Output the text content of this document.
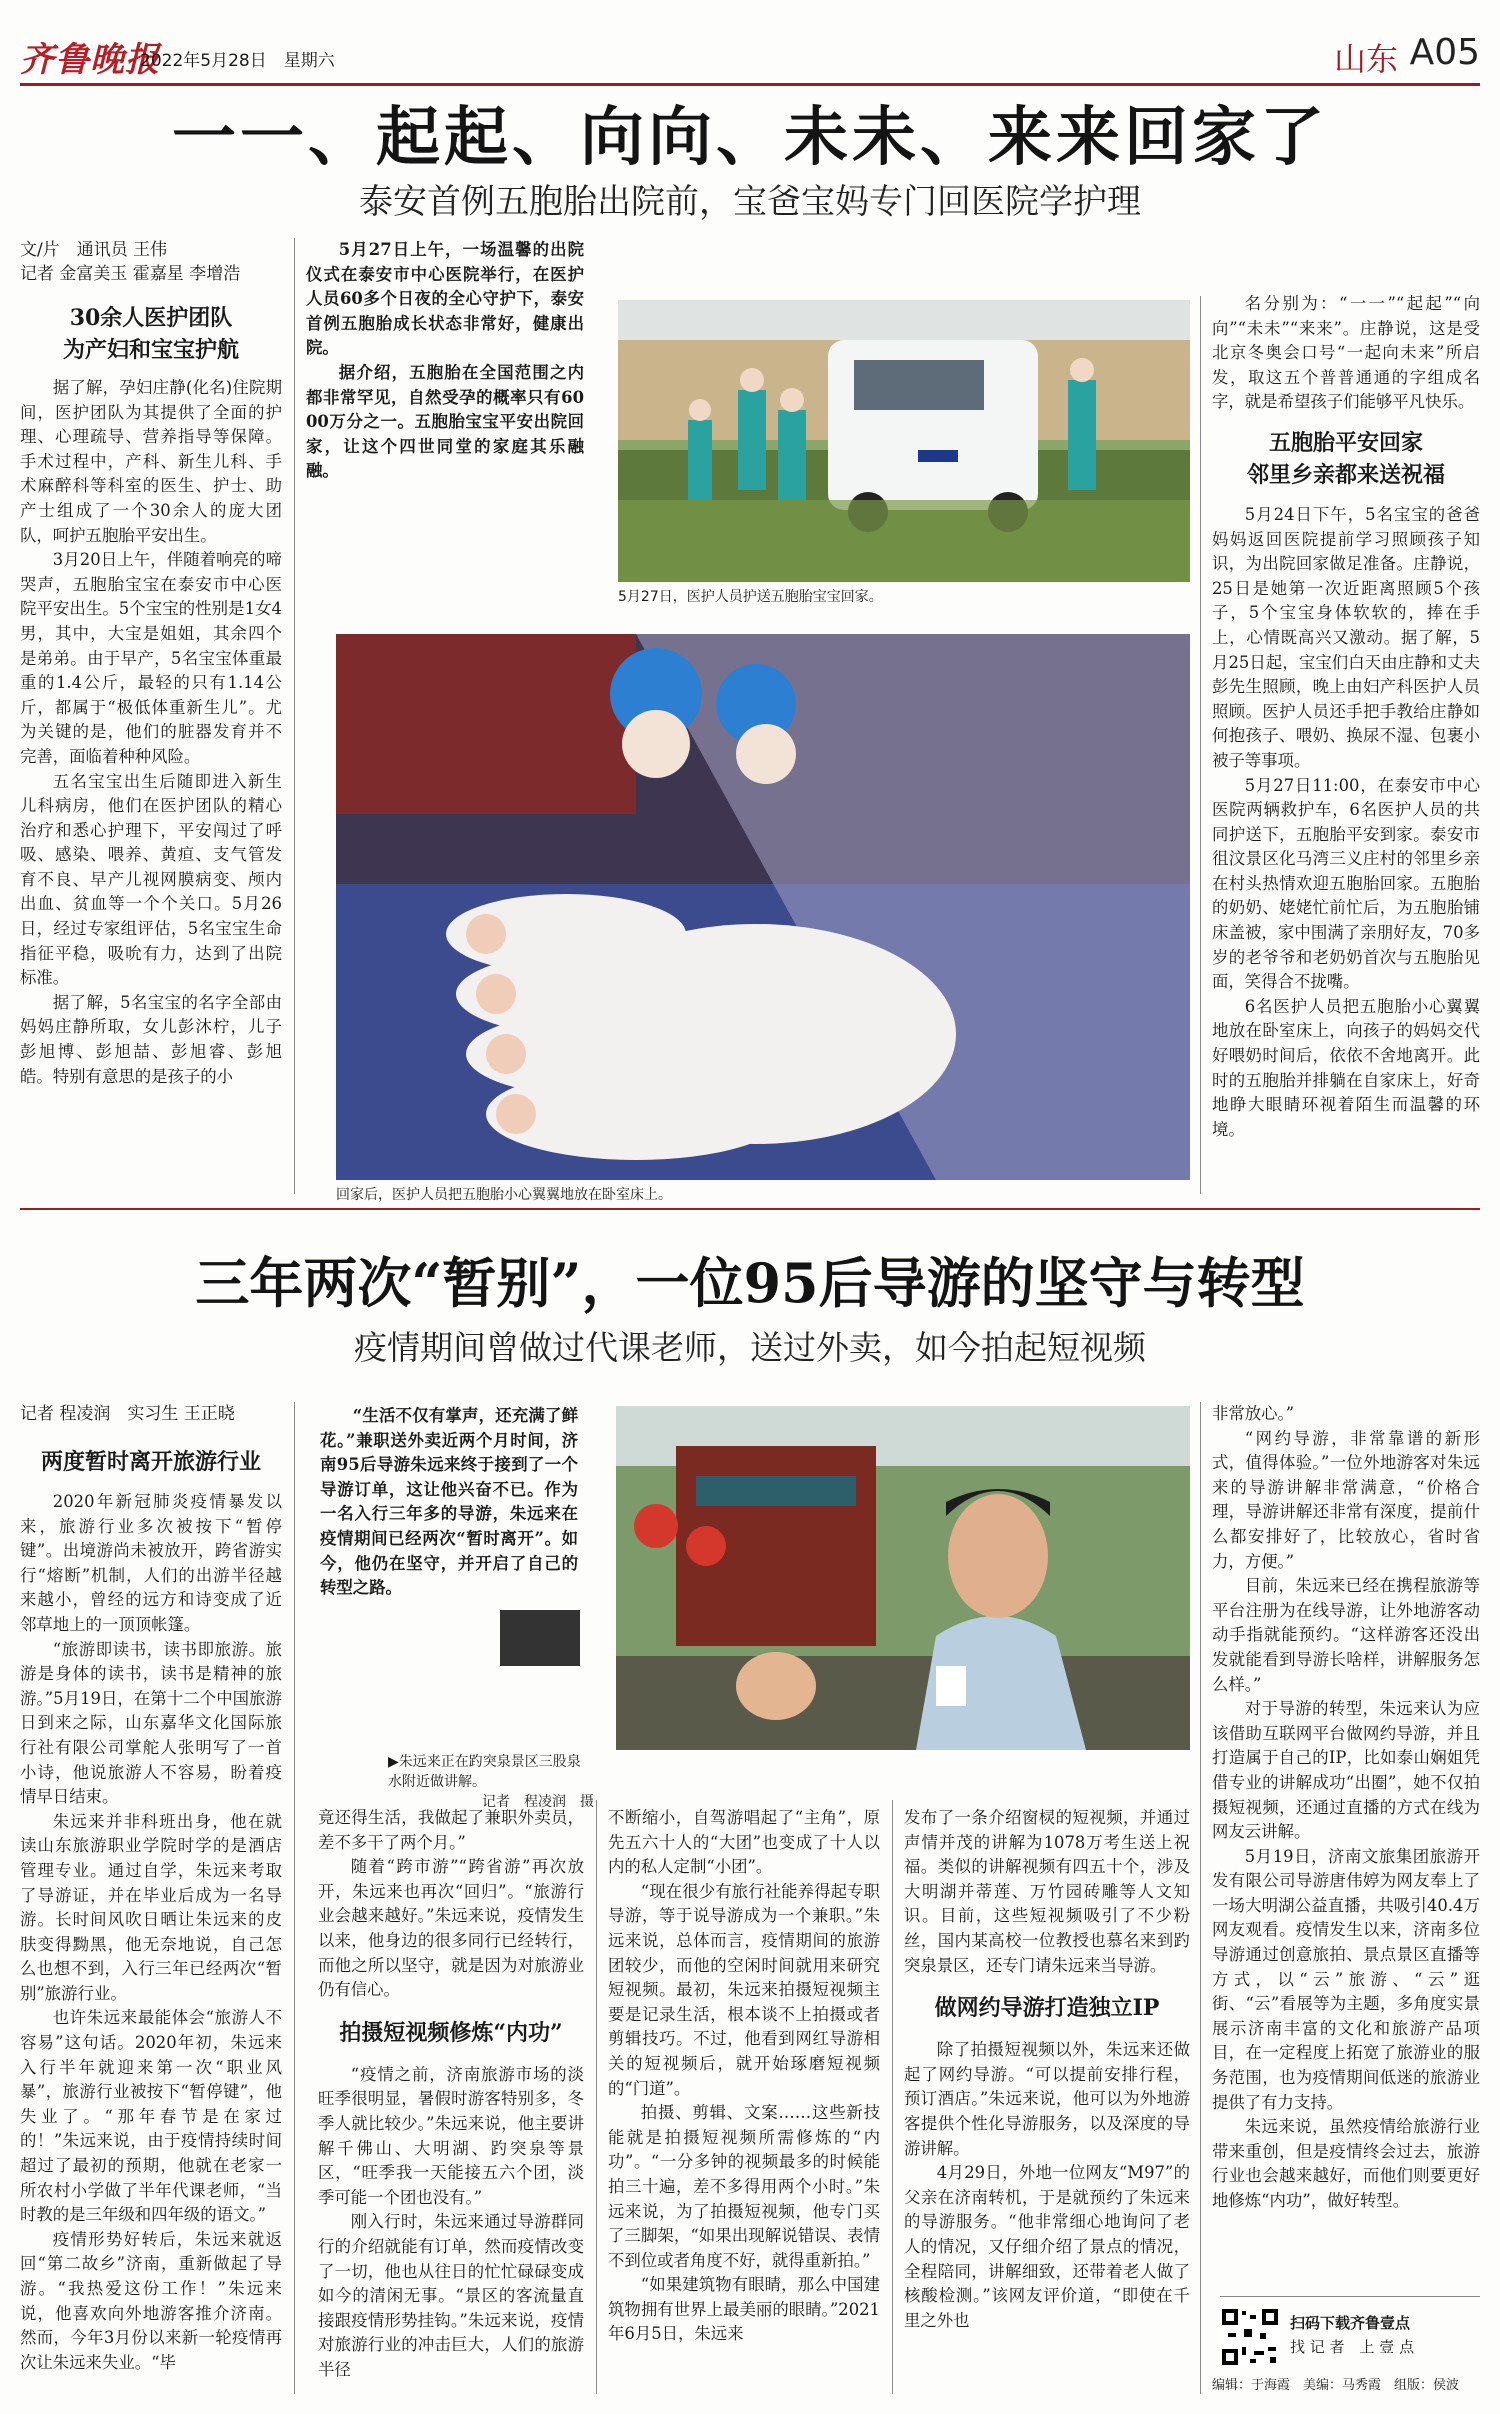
齐鲁晚报
2022年5月28日　 星期六	山东 A05
一一、起起、向向、未未、来来回家了
泰安首例五胞胎出院前，宝爸宝妈专门回医院学护理
文/片　通讯员 王伟
记者 金富美玉 霍嘉星 李增浩
30余人医护团队
为产妇和宝宝护航

据了解，孕妇庄静(化名)住院期间，医护团队为其提供了全面的护理、心理疏导、营养指导等保障。手术过程中，产科、新生儿科、手术麻醉科等科室的医生、护士、助产士组成了一个30余人的庞大团队，呵护五胞胎平安出生。

3月20日上午，伴随着响亮的啼哭声，五胞胎宝宝在泰安市中心医院平安出生。5个宝宝的性别是1女4男，其中，大宝是姐姐，其余四个是弟弟。由于早产，5名宝宝体重最重的1.4公斤，最轻的只有1.14公斤，都属于“极低体重新生儿”。尤为关键的是，他们的脏器发育并不完善，面临着种种风险。

五名宝宝出生后随即进入新生儿科病房，他们在医护团队的精心治疗和悉心护理下，平安闯过了呼吸、感染、喂养、黄疸、支气管发育不良、早产儿视网膜病变、颅内出血、贫血等一个个关口。5月26日，经过专家组评估，5名宝宝生命指征平稳，吸吮有力，达到了出院标准。

据了解，5名宝宝的名字全部由妈妈庄静所取，女儿彭沐柠，儿子彭旭博、彭旭喆、彭旭睿、彭旭皓。特别有意思的是孩子的小

5月27日上午，一场温馨的出院仪式在泰安市中心医院举行，在医护人员60多个日夜的全心守护下，泰安首例五胞胎成长状态非常好，健康出院。

据介绍，五胞胎在全国范围之内都非常罕见，自然受孕的概率只有6000万分之一。五胞胎宝宝平安出院回家，让这个四世同堂的家庭其乐融融。

5月27日，医护人员护送五胞胎宝宝回家。
回家后，医护人员把五胞胎小心翼翼地放在卧室床上。

名分别为：“一一”“起起”“向向”“未未”“来来”。庄静说，这是受北京冬奥会口号“一起向未来”所启发，取这五个普普通通的字组成名字，就是希望孩子们能够平凡快乐。

五胞胎平安回家
邻里乡亲都来送祝福

5月24日下午，5名宝宝的爸爸妈妈返回医院提前学习照顾孩子知识，为出院回家做足准备。庄静说，25日是她第一次近距离照顾5个孩子，5个宝宝身体软软的，捧在手上，心情既高兴又激动。据了解，5月25日起，宝宝们白天由庄静和丈夫彭先生照顾，晚上由妇产科医护人员照顾。医护人员还手把手教给庄静如何抱孩子、喂奶、换尿不湿、包裹小被子等事项。

5月27日11:00，在泰安市中心医院两辆救护车，6名医护人员的共同护送下，五胞胎平安到家。泰安市徂汶景区化马湾三义庄村的邻里乡亲在村头热情欢迎五胞胎回家。五胞胎的奶奶、姥姥忙前忙后，为五胞胎铺床盖被，家中围满了亲朋好友，70多岁的老爷爷和老奶奶首次与五胞胎见面，笑得合不拢嘴。

6名医护人员把五胞胎小心翼翼地放在卧室床上，向孩子的妈妈交代好喂奶时间后，依依不舍地离开。此时的五胞胎并排躺在自家床上，好奇地睁大眼睛环视着陌生而温馨的环境。

三年两次“暂别”，一位95后导游的坚守与转型
疫情期间曾做过代课老师，送过外卖，如今拍起短视频
记者 程凌润　实习生 王正晓
两度暂时离开旅游行业

2020年新冠肺炎疫情暴发以来，旅游行业多次被按下“暂停键”。出境游尚未被放开，跨省游实行“熔断”机制，人们的出游半径越来越小，曾经的远方和诗变成了近邻草地上的一顶顶帐篷。

“旅游即读书，读书即旅游。旅游是身体的读书，读书是精神的旅游。”5月19日，在第十二个中国旅游日到来之际，山东嘉华文化国际旅行社有限公司掌舵人张明写了一首小诗，他说旅游人不容易，盼着疫情早日结束。

朱远来并非科班出身，他在就读山东旅游职业学院时学的是酒店管理专业。通过自学，朱远来考取了导游证，并在毕业后成为一名导游。长时间风吹日晒让朱远来的皮肤变得黝黑，他无奈地说，自己怎么也想不到，入行三年已经两次“暂别”旅游行业。

也许朱远来最能体会“旅游人不容易”这句话。2020年初，朱远来入行半年就迎来第一次“职业风暴”，旅游行业被按下“暂停键”，他失业了。“那年春节是在家过的！”朱远来说，由于疫情持续时间超过了最初的预期，他就在老家一所农村小学做了半年代课老师，“当时教的是三年级和四年级的语文。”

疫情形势好转后，朱远来就返回“第二故乡”济南，重新做起了导游。“我热爱这份工作！”朱远来说，他喜欢向外地游客推介济南。然而，今年3月份以来新一轮疫情再次让朱远来失业。“毕

“生活不仅有掌声，还充满了鲜花。”兼职送外卖近两个月时间，济南95后导游朱远来终于接到了一个导游订单，这让他兴奋不已。作为一名入行三年多的导游，朱远来在疫情期间已经两次“暂时离开”。如今，他仍在坚守，并开启了自己的转型之路。

▶朱远来正在趵突泉景区三股泉水附近做讲解。
记者　程凌润　摄

竟还得生活，我做起了兼职外卖员，差不多干了两个月。”

随着“跨市游”“跨省游”再次放开，朱远来也再次“回归”。“旅游行业会越来越好。”朱远来说，疫情发生以来，他身边的很多同行已经转行，而他之所以坚守，就是因为对旅游业仍有信心。

拍摄短视频修炼“内功”

“疫情之前，济南旅游市场的淡旺季很明显，暑假时游客特别多，冬季人就比较少。”朱远来说，他主要讲解千佛山、大明湖、趵突泉等景区，“旺季我一天能接五六个团，淡季可能一个团也没有。”

刚入行时，朱远来通过导游群同行的介绍就能有订单，然而疫情改变了一切，他也从往日的忙忙碌碌变成如今的清闲无事。“景区的客流量直接跟疫情形势挂钩。”朱远来说，疫情对旅游行业的冲击巨大，人们的旅游半径

不断缩小，自驾游唱起了“主角”，原先五六十人的“大团”也变成了十人以内的私人定制“小团”。

“现在很少有旅行社能养得起专职导游，等于说导游成为一个兼职。”朱远来说，总体而言，疫情期间的旅游团较少，而他的空闲时间就用来研究短视频。最初，朱远来拍摄短视频主要是记录生活，根本谈不上拍摄或者剪辑技巧。不过，他看到网红导游相关的短视频后，就开始琢磨短视频的“门道”。

拍摄、剪辑、文案……这些新技能就是拍摄短视频所需修炼的“内功”。“一分多钟的视频最多的时候能拍三十遍，差不多得用两个小时。”朱远来说，为了拍摄短视频，他专门买了三脚架，“如果出现解说错误、表情不到位或者角度不好，就得重新拍。”

“如果建筑物有眼睛，那么中国建筑物拥有世界上最美丽的眼睛。”2021年6月5日，朱远来

发布了一条介绍窗棂的短视频，并通过声情并茂的讲解为1078万考生送上祝福。类似的讲解视频有四五十个，涉及大明湖并蒂莲、万竹园砖雕等人文知识。目前，这些短视频吸引了不少粉丝，国内某高校一位教授也慕名来到趵突泉景区，还专门请朱远来当导游。

做网约导游打造独立IP

除了拍摄短视频以外，朱远来还做起了网约导游。“可以提前安排行程，预订酒店。”朱远来说，他可以为外地游客提供个性化导游服务，以及深度的导游讲解。

4月29日，外地一位网友“M97”的父亲在济南转机，于是就预约了朱远来的导游服务。“他非常细心地询问了老人的情况，又仔细介绍了景点的情况，全程陪同，讲解细致，还带着老人做了核酸检测。”该网友评价道，“即使在千里之外也

非常放心。”

“网约导游，非常靠谱的新形式，值得体验。”一位外地游客对朱远来的导游讲解非常满意，“价格合理，导游讲解还非常有深度，提前什么都安排好了，比较放心，省时省力，方便。”

目前，朱远来已经在携程旅游等平台注册为在线导游，让外地游客动动手指就能预约。“这样游客还没出发就能看到导游长啥样，讲解服务怎么样。”

对于导游的转型，朱远来认为应该借助互联网平台做网约导游，并且打造属于自己的IP，比如泰山娴姐凭借专业的讲解成功“出圈”，她不仅拍摄短视频，还通过直播的方式在线为网友云讲解。

5月19日，济南文旅集团旅游开发有限公司导游唐伟婷为网友奉上了一场大明湖公益直播，共吸引40.4万网友观看。疫情发生以来，济南多位导游通过创意旅拍、景点景区直播等方式，以“云”旅游、“云”逛街、“云”看展等为主题，多角度实景展示济南丰富的文化和旅游产品项目，在一定程度上拓宽了旅游业的服务范围，也为疫情期间低迷的旅游业提供了有力支持。

朱远来说，虽然疫情给旅游行业带来重创，但是疫情终会过去，旅游行业也会越来越好，而他们则要更好地修炼“内功”，做好转型。

扫码下载齐鲁壹点
找 记 者　上 壹 点
编辑：于海霞　美编：马秀霞　组版：侯波
